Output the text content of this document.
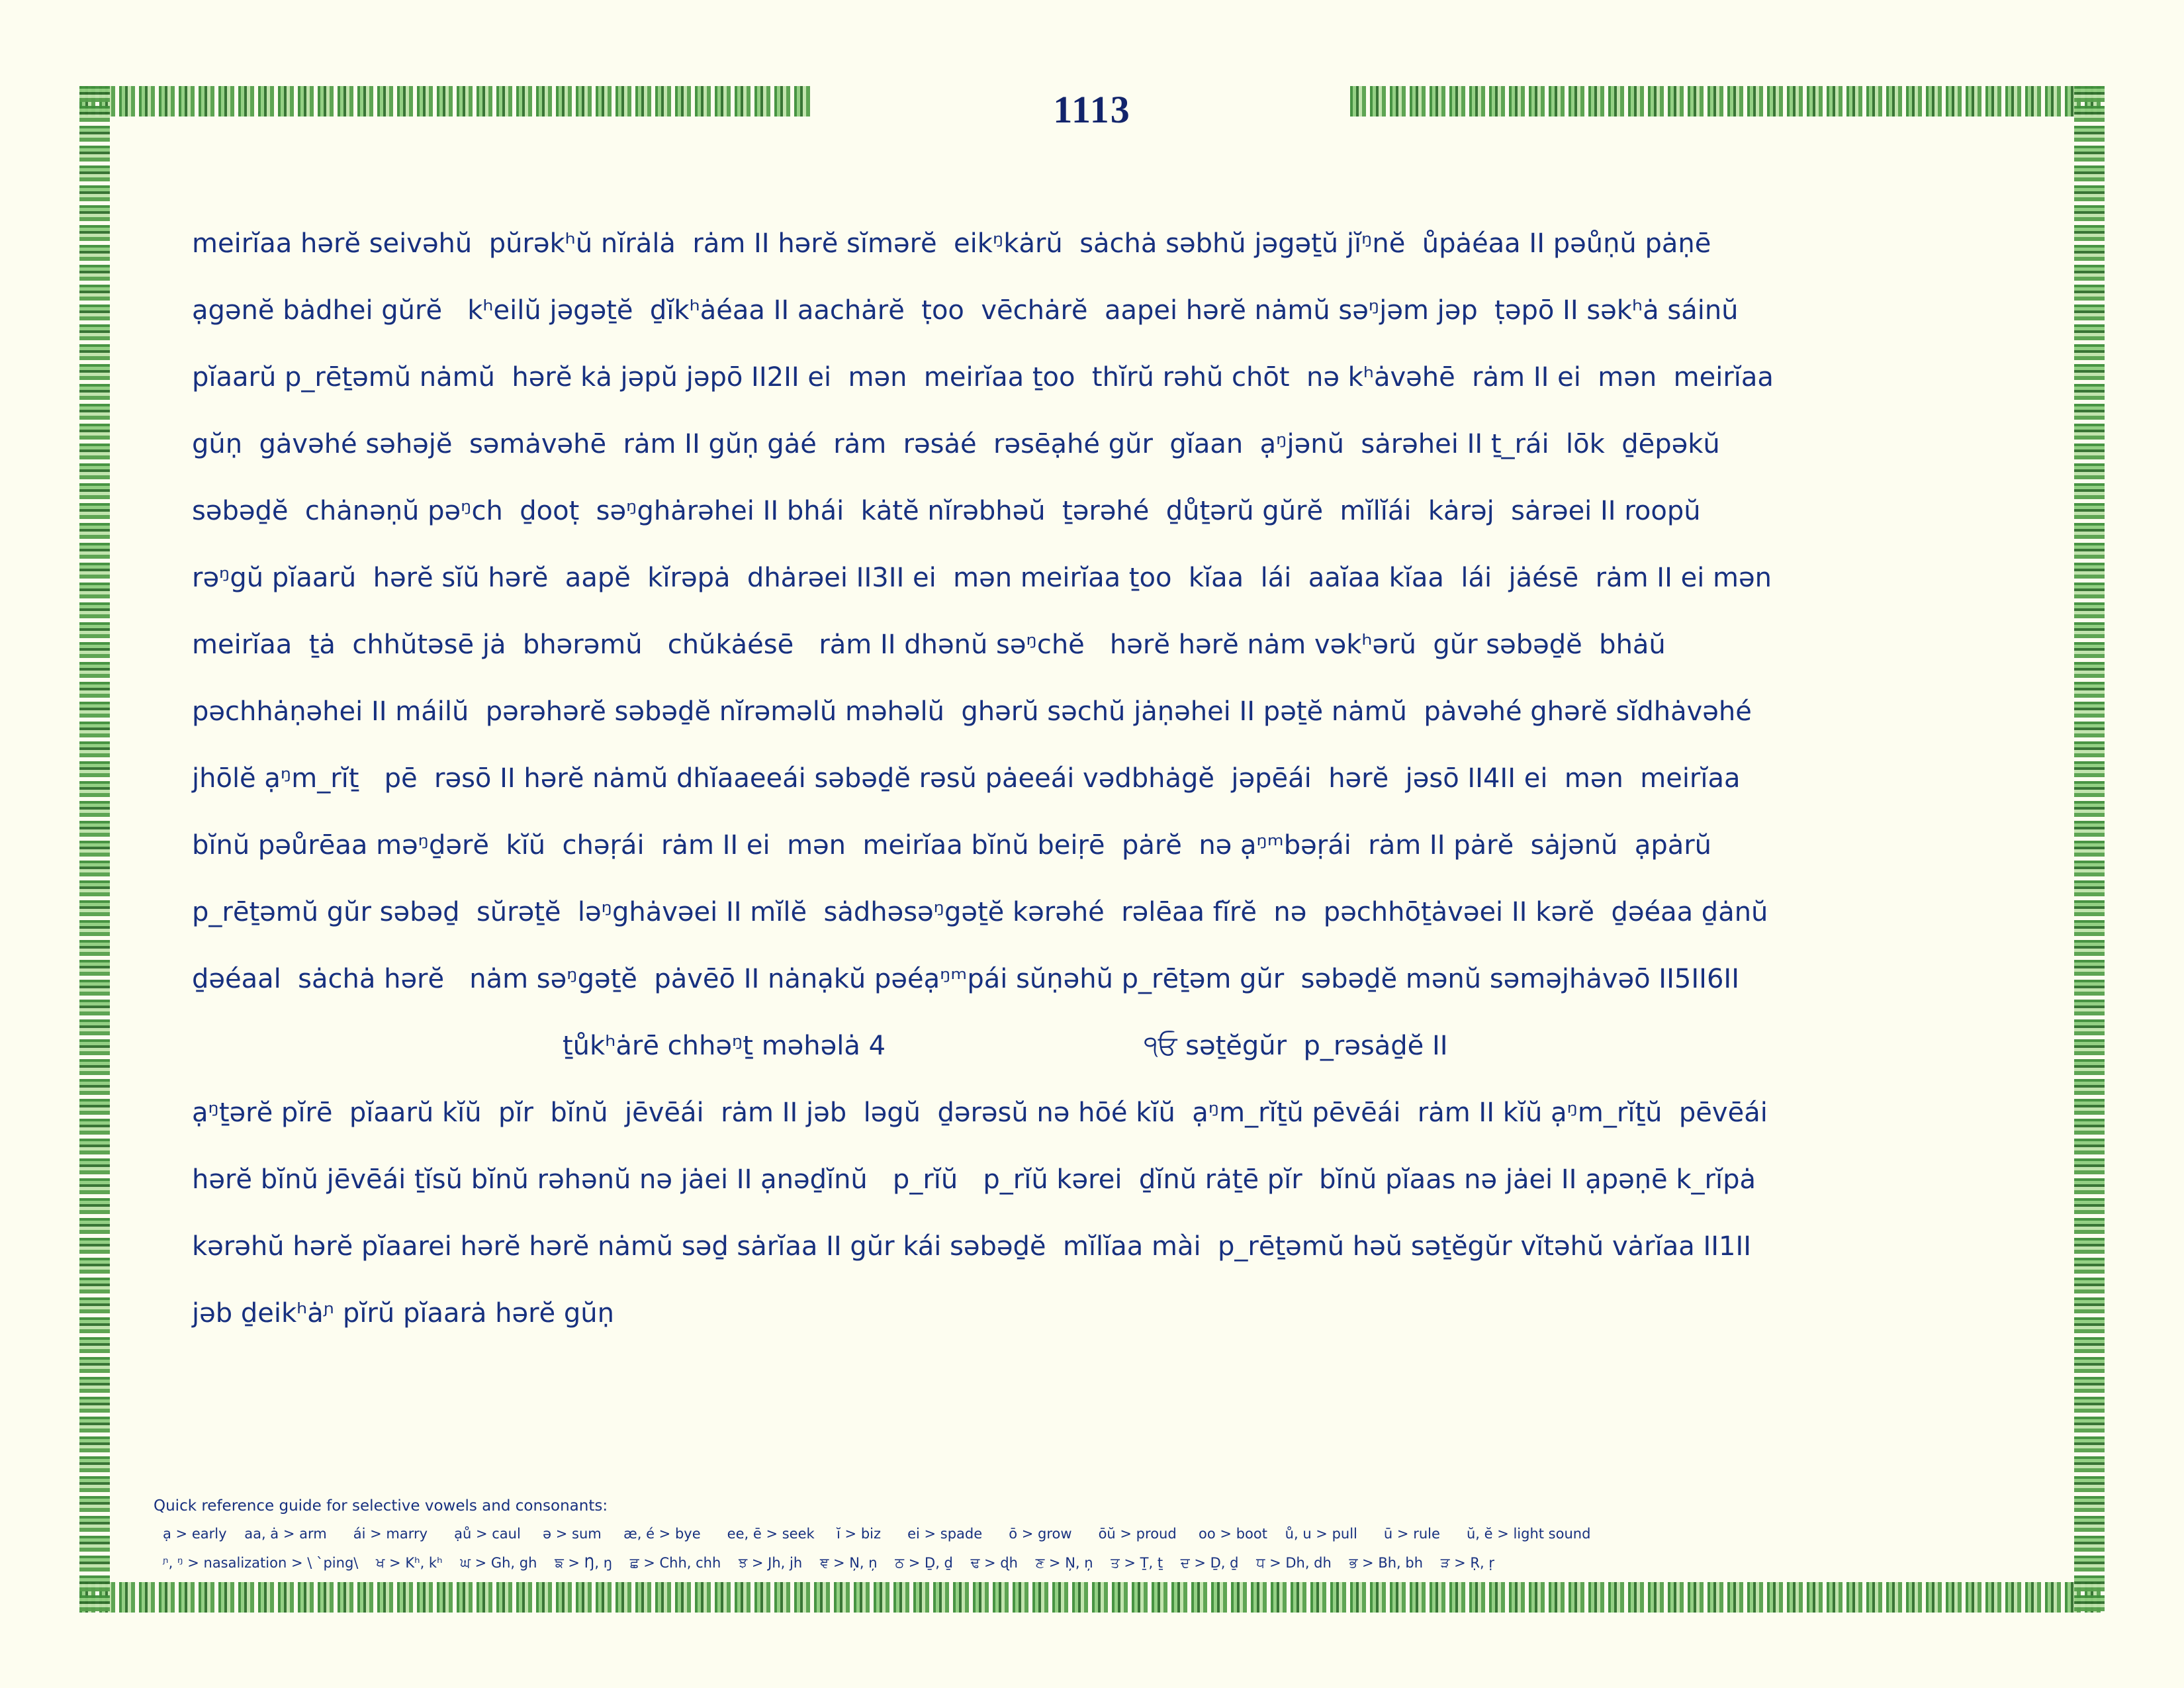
1113
meirĭaa hərĕ seivəhŭ  pŭrəkʰŭ nĭrȧlȧ  rȧm II hərĕ sĭmərĕ  eikᵑkȧrŭ  sȧchȧ səbhŭ jəgəṯŭ jĭᵑnĕ  ůpȧéaa II pəůṇŭ pȧṇē
ạgənĕ bȧdhei gŭrĕ   kʰeilŭ jəgəṯĕ  ḏĭkʰȧéaa II aachȧrĕ  ṭoo  vēchȧrĕ  aapei hərĕ nȧmŭ səᵑjəm jəp  ṭəpō II səkʰȧ sáinŭ
pĭaarŭ p_rēṯəmŭ nȧmŭ  hərĕ kȧ jəpŭ jəpō II2II ei  mən  meirĭaa ṯoo  thĭrŭ rəhŭ chōt  nə kʰȧvəhē  rȧm II ei  mən  meirĭaa
gŭṇ  gȧvəhé səhəjĕ  səmȧvəhē  rȧm II gŭṇ gȧé  rȧm  rəsȧé  rəsēạhé gŭr  gĭaan  ạᵑjənŭ  sȧrəhei II ṯ_rái  lōk  ḏēpəkŭ
səbəḏĕ  chȧnəṇŭ pəᵑch  ḏooṭ  səᵑghȧrəhei II bhái  kȧtĕ nĭrəbhəŭ  ṯərəhé  ḏůṯərŭ gŭrĕ  mĭlĭái  kȧrəj  sȧrəei II roopŭ
rəᵑgŭ pĭaarŭ  hərĕ sĭŭ hərĕ  aapĕ  kĭrəpȧ  dhȧrəei II3II ei  mən meirĭaa ṯoo  kĭaa  lái  aaĭaa kĭaa  lái  jȧésē  rȧm II ei mən
meirĭaa  ṯȧ  chhŭtəsē jȧ  bhərəmŭ   chŭkȧésē   rȧm II dhənŭ səᵑchĕ   hərĕ hərĕ nȧm vəkʰərŭ  gŭr səbəḏĕ  bhȧŭ
pəchhȧṇəhei II máilŭ  pərəhərĕ səbəḏĕ nĭrəməlŭ məhəlŭ  ghərŭ səchŭ jȧṇəhei II pəṯĕ nȧmŭ  pȧvəhé ghərĕ sĭdhȧvəhé
jhōlĕ ạᵑm_rĭṯ   pē  rəsō II hərĕ nȧmŭ dhĭaaeeái səbəḏĕ rəsŭ pȧeeái vədbhȧgĕ  jəpēái  hərĕ  jəsō II4II ei  mən  meirĭaa
bĭnŭ pəůrēaa məᵑḏərĕ  kĭŭ  chəṛái  rȧm II ei  mən  meirĭaa bĭnŭ beiṛē  pȧrĕ  nə ạᵑᵐbəṛái  rȧm II pȧrĕ  sȧjənŭ  ạpȧrŭ
p_rēṯəmŭ gŭr səbəḏ  sŭrəṯĕ  ləᵑghȧvəei II mĭlĕ  sȧdhəsəᵑgəṯĕ kərəhé  rəlēaa fĭrĕ  nə  pəchhōṯȧvəei II kərĕ  ḏəéaa ḏȧnŭ
ḏəéaal  sȧchȧ hərĕ   nȧm səᵑgəṯĕ  pȧvēō II nȧnạkŭ pəéạᵑᵐpái sŭṇəhŭ p_rēṯəm gŭr  səbəḏĕ mənŭ səməjhȧvəō II5II6II
ṯůkʰȧrē chhəᵑṯ məhəlȧ 4	੧ਓ səṯĕgŭr  p_rəsȧḏĕ II
ạᵑṯərĕ pĭrē  pĭaarŭ kĭŭ  pĭr  bĭnŭ  jēvēái  rȧm II jəb  ləgŭ  ḏərəsŭ nə hōé kĭŭ  ạᵑm_rĭṯŭ pēvēái  rȧm II kĭŭ ạᵑm_rĭṯŭ  pēvēái
hərĕ bĭnŭ jēvēái ṯĭsŭ bĭnŭ rəhənŭ nə jȧei II ạnəḏĭnŭ   p_rĭŭ   p_rĭŭ kərei  ḏĭnŭ rȧṯē pĭr  bĭnŭ pĭaas nə jȧei II ạpəṇē k_rĭpȧ
kərəhŭ hərĕ pĭaarei hərĕ hərĕ nȧmŭ səḏ sȧrĭaa II gŭr kái səbəḏĕ  mĭlĭaa mài  p_rēṯəmŭ həŭ səṯĕgŭr vĭtəhŭ vȧrĭaa II1II
jəb ḏeikʰȧᶮ pĭrŭ pĭaarȧ hərĕ gŭṇ
Quick reference guide for selective vowels and consonants:
ạ > early    aa, ȧ > arm      ái > marry      ạů > caul     ə > sum     æ, é > bye      ee, ē > seek     ĭ > biz      ei > spade      ō > grow      ōŭ > proud     oo > boot    ů, u > pull      ū > rule      ŭ, ĕ > light sound
ᶮ, ᵑ > nasalization > \ ˋping\    ਖ > Kʰ, kʰ    ਘ > Gh, gh    ਙ > Ŋ, ŋ    ਛ > Chh, chh    ਝ > Jh, jh    ਞ > Ņ, ņ    ਠ > Ḏ, ḏ    ਢ > ɖh    ਣ > Ņ, ņ    ਤ > Ṯ, ṯ    ਦ > Ḏ, ḏ    ਧ > Dh, dh    ਭ > Bh, bh    ੜ > Ṛ, ṛ
